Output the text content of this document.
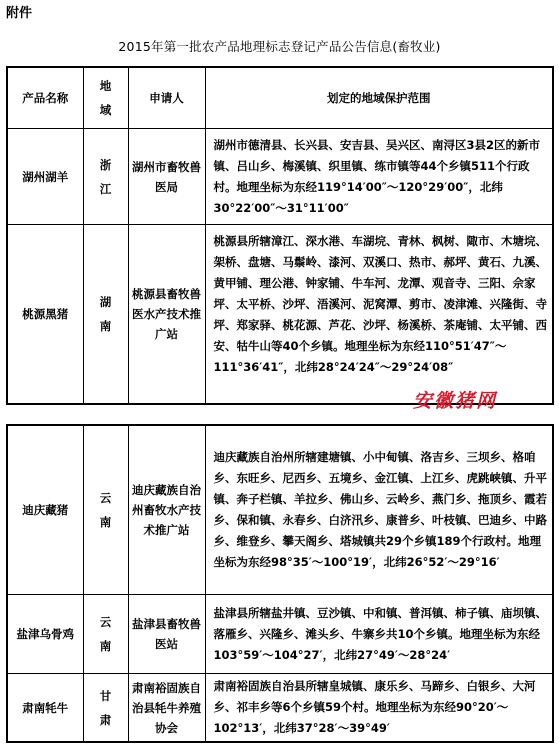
附件
2015年第一批农产品地理标志登记产品公告信息(畜牧业)
产品名称	地域	申请人	划定的地域保护范围
湖州湖羊	浙江	湖州市畜牧兽医局	湖州市德清县、长兴县、安吉县、吴兴区、南浔区3县2区的新市镇、吕山乡、梅溪镇、织里镇、练市镇等44个乡镇511个行政村。地理坐标为东经119°14′00″～120°29′00″，北纬30°22′00″～31°11′00″

桃源黑猪	湖南	桃源县畜牧兽医水产技术推广站	桃源县所辖漳江、深水港、车湖垸、青林、枫树、陬市、木塘垸、架桥、盘塘、马鬃岭、漆河、双溪口、热市、郝坪、黄石、九溪、黄甲铺、理公港、钟家铺、牛车河、龙潭、观音寺、三阳、佘家坪、太平桥、沙坪、浯溪河、泥窝潭、剪市、凌津滩、兴隆街、寺坪、郑家驿、桃花源、芦花、沙坪、杨溪桥、茶庵铺、太平铺、西安、牯牛山等40个乡镇。地理坐标为东经110°51′47″～111°36′41″，北纬28°24′24″～29°24′08″
安徽猪网
迪庆藏猪	云南	迪庆藏族自治州畜牧水产技术推广站	迪庆藏族自治州所辖建塘镇、小中甸镇、洛吉乡、三坝乡、格咱乡、东旺乡、尼西乡、五境乡、金江镇、上江乡、虎跳峡镇、升平镇、奔子栏镇、羊拉乡、佛山乡、云岭乡、燕门乡、拖顶乡、霞若乡、保和镇、永春乡、白济汛乡、康普乡、叶枝镇、巴迪乡、中路乡、维登乡、攀天阁乡、塔城镇共29个乡镇189个行政村。地理坐标为东经98°35′～100°19′，北纬26°52′～29°16′

盐津乌骨鸡	云南	盐津县畜牧兽医站	盐津县所辖盐井镇、豆沙镇、中和镇、普洱镇、柿子镇、庙坝镇、落雁乡、兴隆乡、滩头乡、牛寨乡共10个乡镇。地理坐标为东经103°59′～104°27′，北纬27°49′～28°24′

肃南牦牛	甘肃	肃南裕固族自治县牦牛养殖协会	肃南裕固族自治县所辖皇城镇、康乐乡、马蹄乡、白银乡、大河乡、祁丰乡等6个乡镇59个村。地理坐标为东经90°20′～102°13′，北纬37°28′～39°49′
